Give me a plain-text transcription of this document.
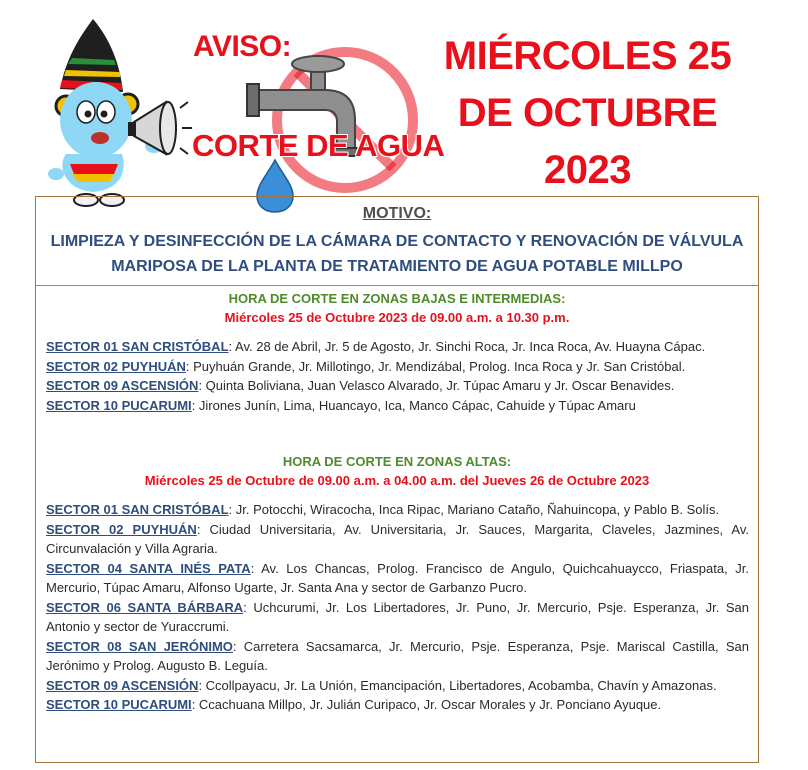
AVISO:
CORTE DE AGUA
MIÉRCOLES 25
DE OCTUBRE
2023
MOTIVO:
LIMPIEZA Y DESINFECCIÓN DE LA CÁMARA DE CONTACTO Y RENOVACIÓN DE VÁLVULA MARIPOSA DE LA PLANTA DE TRATAMIENTO DE AGUA POTABLE MILLPO
HORA DE CORTE EN ZONAS BAJAS E INTERMEDIAS:
Miércoles 25 de Octubre 2023 de 09.00 a.m. a 10.30 p.m.

SECTOR 01 SAN CRISTÓBAL: Av. 28 de Abril, Jr. 5 de Agosto, Jr. Sinchi Roca, Jr. Inca Roca, Av. Huayna Cápac.

SECTOR 02 PUYHUÁN: Puyhuán Grande, Jr. Millotingo, Jr. Mendizábal, Prolog. Inca Roca y Jr. San Cristóbal.

SECTOR 09 ASCENSIÓN: Quinta Boliviana, Juan Velasco Alvarado, Jr. Túpac Amaru y Jr. Oscar Benavides.

SECTOR 10 PUCARUMI: Jirones Junín, Lima, Huancayo, Ica, Manco Cápac, Cahuide y Túpac Amaru

HORA DE CORTE EN ZONAS ALTAS:
Miércoles 25 de Octubre de 09.00 a.m. a 04.00 a.m. del Jueves 26 de Octubre 2023

SECTOR 01 SAN CRISTÓBAL: Jr. Potocchi, Wiracocha, Inca Ripac, Mariano Cataño, Ñahuincopa, y Pablo B. Solís.

SECTOR 02 PUYHUÁN: Ciudad Universitaria, Av. Universitaria, Jr. Sauces, Margarita, Claveles, Jazmines, Av. Circunvalación y Villa Agraria.

SECTOR 04 SANTA INÉS PATA: Av. Los Chancas, Prolog. Francisco de Angulo, Quichcahuaycco, Friaspata, Jr. Mercurio, Túpac Amaru, Alfonso Ugarte, Jr. Santa Ana y sector de Garbanzo Pucro.

SECTOR 06 SANTA BÁRBARA: Uchcurumi, Jr. Los Libertadores, Jr. Puno, Jr. Mercurio, Psje. Esperanza, Jr. San Antonio y sector de Yuraccrumi.

SECTOR 08 SAN JERÓNIMO: Carretera Sacsamarca, Jr. Mercurio, Psje. Esperanza, Psje. Mariscal Castilla, San Jerónimo y Prolog. Augusto B. Leguía.

SECTOR 09 ASCENSIÓN: Ccollpayacu, Jr. La Unión, Emancipación, Libertadores, Acobamba, Chavín y Amazonas.

SECTOR 10 PUCARUMI: Ccachuana Millpo, Jr. Julián Curipaco, Jr. Oscar Morales y Jr. Ponciano Ayuque.
